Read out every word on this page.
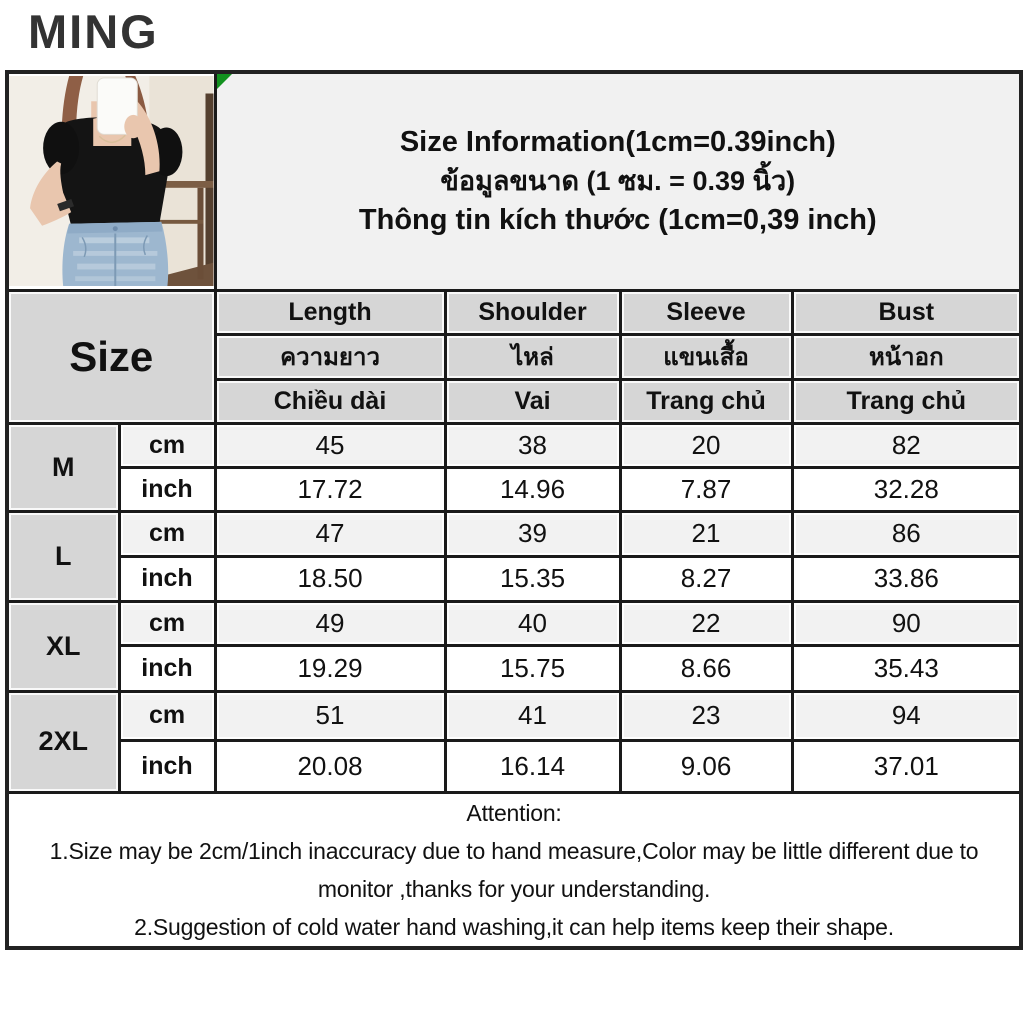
MING

Size Information(1cm=0.39inch)
ข้อมูลขนาด (1 ซม. = 0.39 นิ้ว)
Thông tin kích thước (1cm=0,39 inch)			

Size		Length	Shoulder	Sleeve	Bust
		ความยาว	ไหล่	แขนเสื้อ	หน้าอก
		Chiều dài	Vai	Trang chủ	Trang chủ
M	cm	45	38	20	82
	inch	17.72	14.96	7.87	32.28
L	cm	47	39	21	86
	inch	18.50	15.35	8.27	33.86
XL	cm	49	40	22	90
	inch	19.29	15.75	8.66	35.43
2XL	cm	51	41	23	94
	inch	20.08	16.14	9.06	37.01

Attention:
1.Size may be 2cm/1inch inaccuracy due to hand measure,Color may be little different due to monitor ,thanks for your understanding.
2.Suggestion of cold water hand washing,it can help items keep their shape.					
